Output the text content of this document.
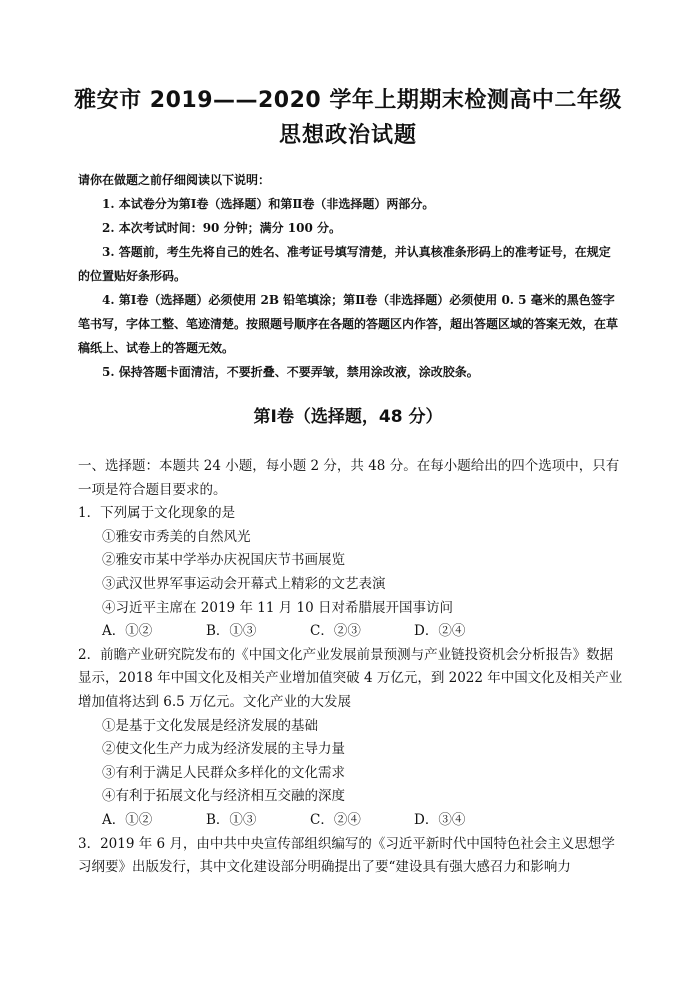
雅安市 2019——2020 学年上期期末检测高中二年级
思想政治试题

请你在做题之前仔细阅读以下说明：

1. 本试卷分为第Ⅰ卷（选择题）和第Ⅱ卷（非选择题）两部分。

2. 本次考试时间：90 分钟；满分 100 分。

3. 答题前，考生先将自己的姓名、准考证号填写清楚，并认真核准条形码上的准考证号，在规定的位置贴好条形码。

4. 第Ⅰ卷（选择题）必须使用 2B 铅笔填涂；第Ⅱ卷（非选择题）必须使用 0. 5 毫米的黑色签字笔书写，字体工整、笔迹清楚。按照题号顺序在各题的答题区内作答，超出答题区域的答案无效，在草稿纸上、试卷上的答题无效。

5. 保持答题卡面清洁，不要折叠、不要弄皱，禁用涂改液，涂改胶条。

第Ⅰ卷（选择题，48 分）

一、选择题：本题共 24 小题，每小题 2 分，共 48 分。在每小题给出的四个选项中，只有一项是符合题目要求的。

1．下列属于文化现象的是

①雅安市秀美的自然风光

②雅安市某中学举办庆祝国庆节书画展览

③武汉世界军事运动会开幕式上精彩的文艺表演

④习近平主席在 2019 年 11 月 10 日对希腊展开国事访问

A．①②	B．①③	C．②③	D．②④

2．前瞻产业研究院发布的《中国文化产业发展前景预测与产业链投资机会分析报告》数据显示，2018 年中国文化及相关产业增加值突破 4 万亿元，到 2022 年中国文化及相关产业增加值将达到 6.5 万亿元。文化产业的大发展

①是基于文化发展是经济发展的基础

②使文化生产力成为经济发展的主导力量

③有利于满足人民群众多样化的文化需求

④有利于拓展文化与经济相互交融的深度

A．①②	B．①③	C．②④	D．③④

3．2019 年 6 月，由中共中央宣传部组织编写的《习近平新时代中国特色社会主义思想学习纲要》出版发行，其中文化建设部分明确提出了要“建设具有强大感召力和影响力
